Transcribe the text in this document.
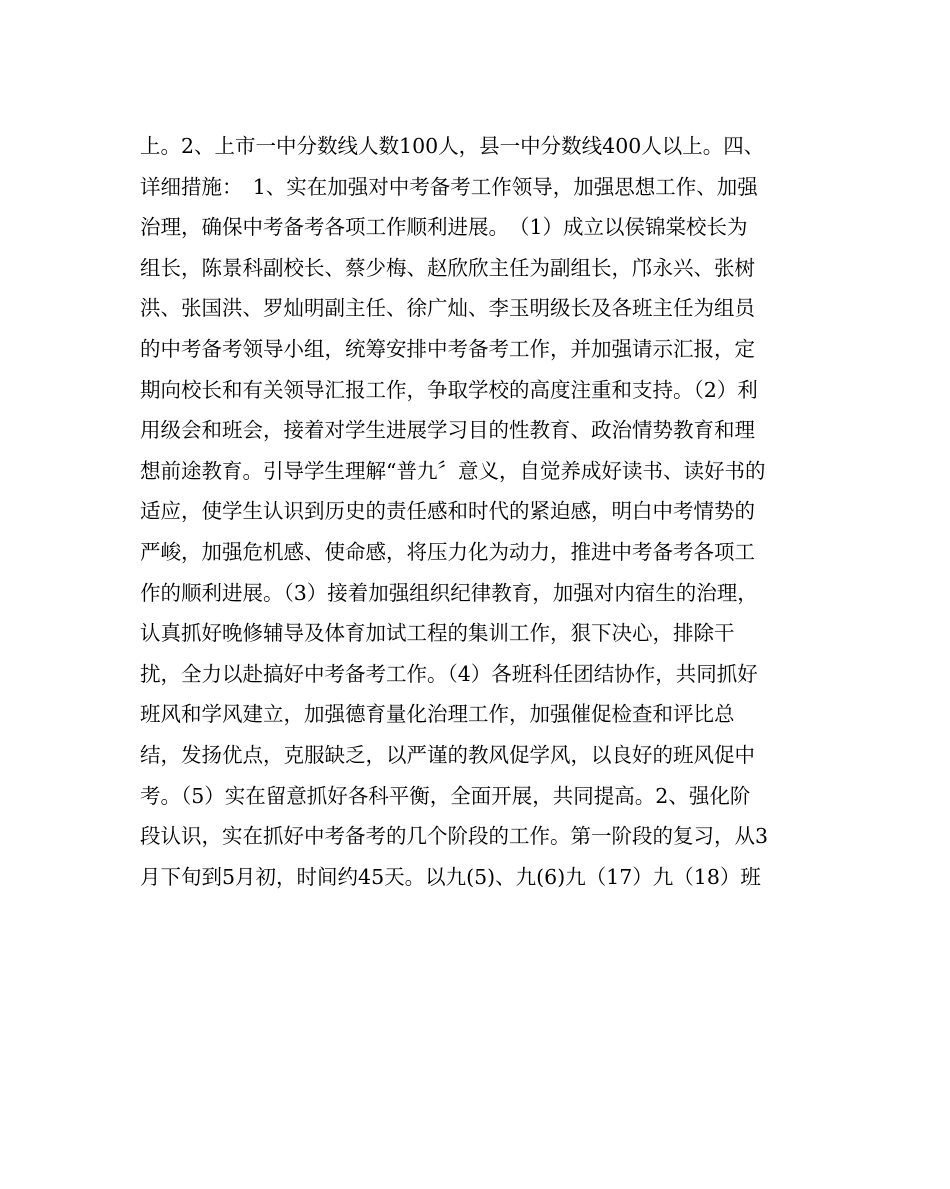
上。2、上市一中分数线人数100人，县一中分数线400人以上。四、
详细措施：　1、实在加强对中考备考工作领导，加强思想工作、加强
治理，确保中考备考各项工作顺利进展。　（1）成立以侯锦棠校长为
组长，陈景科副校长、蔡少梅、赵欣欣主任为副组长，邝永兴、张树
洪、张国洪、罗灿明副主任、徐广灿、李玉明级长及各班主任为组员
的中考备考领导小组，统筹安排中考备考工作，并加强请示汇报，定
期向校长和有关领导汇报工作，争取学校的高度注重和支持。（2）利
用级会和班会，接着对学生进展学习目的性教育、政治情势教育和理
想前途教育。引导学生理解“普九〞意义，自觉养成好读书、读好书的
适应，使学生认识到历史的责任感和时代的紧迫感，明白中考情势的
严峻，加强危机感、使命感，将压力化为动力，推进中考备考各项工
作的顺利进展。（3）接着加强组织纪律教育，加强对内宿生的治理，
认真抓好晚修辅导及体育加试工程的集训工作，狠下决心，排除干
扰，全力以赴搞好中考备考工作。（4）各班科任团结协作，共同抓好
班风和学风建立，加强德育量化治理工作，加强催促检查和评比总
结，发扬优点，克服缺乏，以严谨的教风促学风，以良好的班风促中
考。（5）实在留意抓好各科平衡，全面开展，共同提高。2、强化阶
段认识，实在抓好中考备考的几个阶段的工作。第一阶段的复习，从3
月下旬到5月初，时间约45天。以九(5)、九(6)九（17）九（18）班
